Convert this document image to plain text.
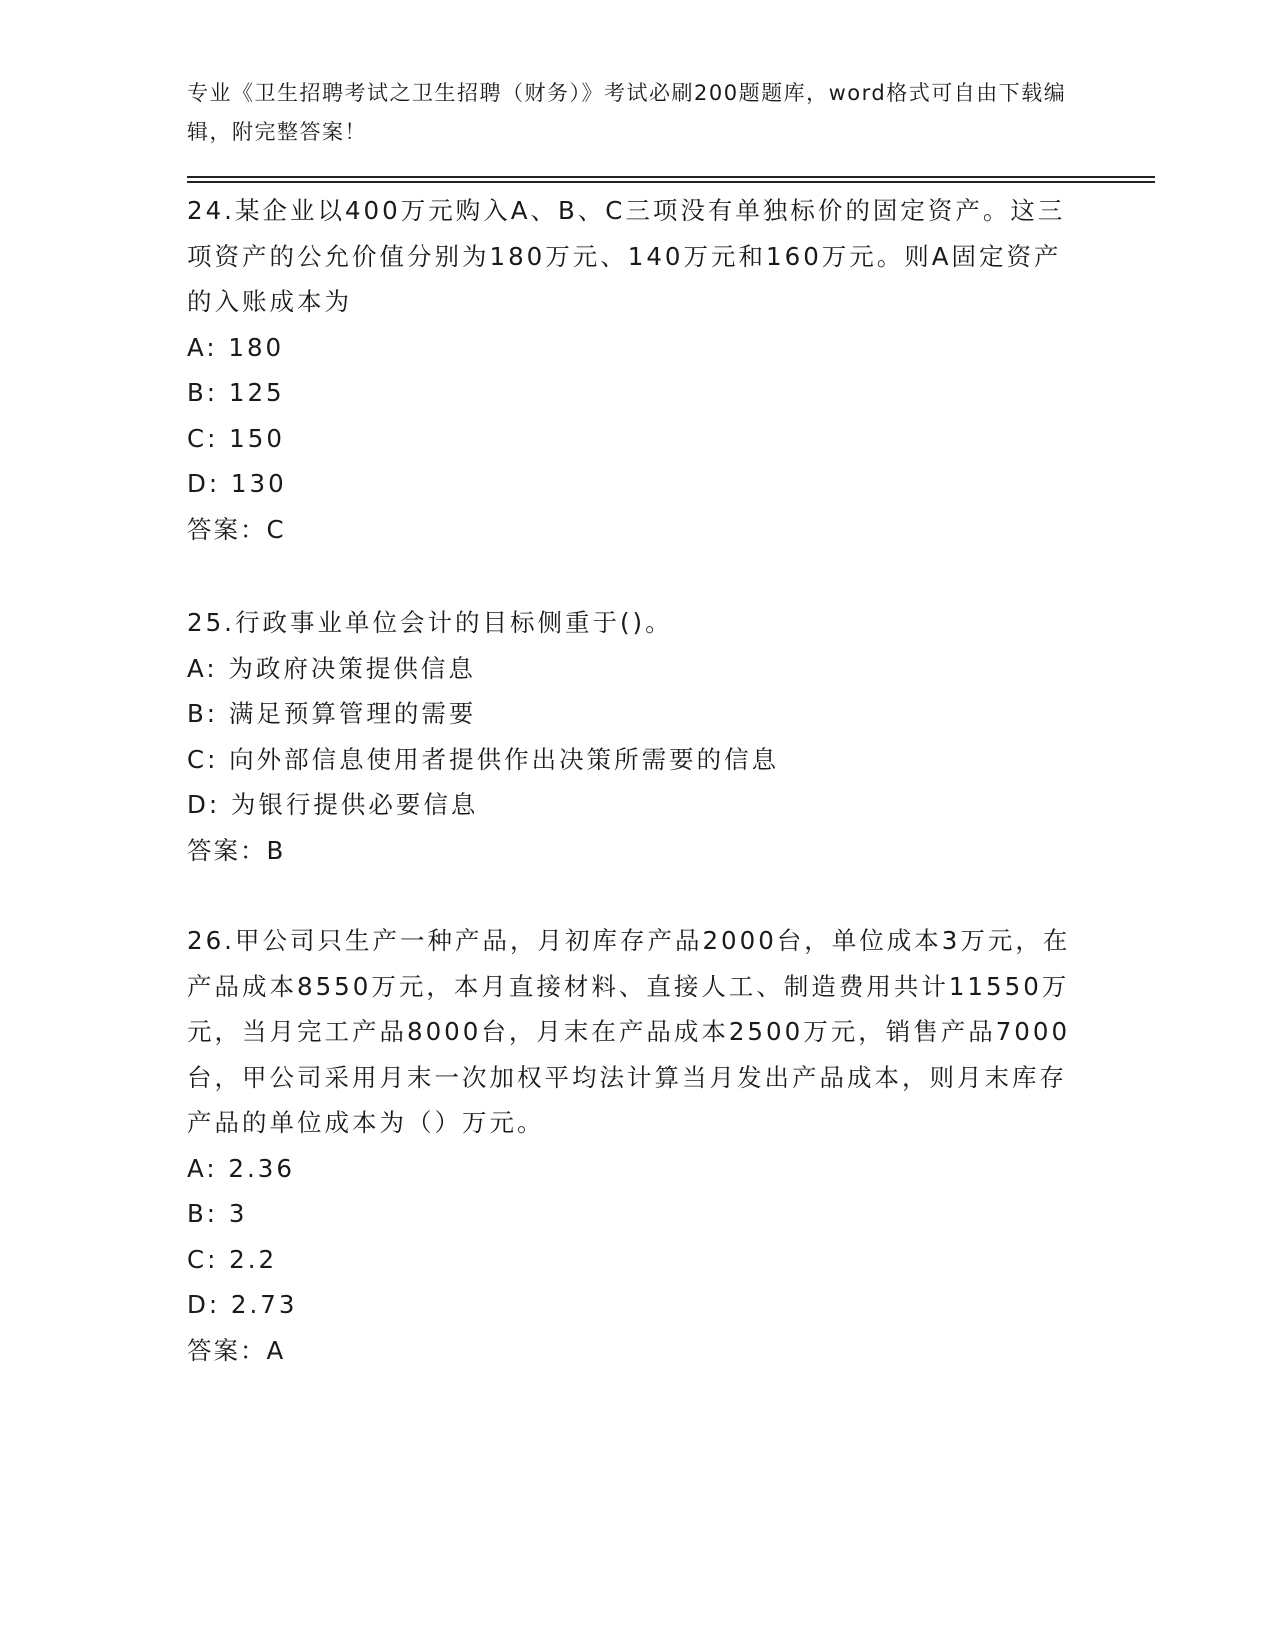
专业《卫生招聘考试之卫生招聘（财务）》考试必刷200题题库，word格式可自由下载编辑，附完整答案！
24.某企业以400万元购入A、B、C三项没有单独标价的固定资产。这三项资产的公允价值分别为180万元、140万元和160万元。则A固定资产的入账成本为
A: 180
B: 125
C: 150
D: 130
答案：C
25.行政事业单位会计的目标侧重于()。
A: 为政府决策提供信息
B: 满足预算管理的需要
C: 向外部信息使用者提供作出决策所需要的信息
D: 为银行提供必要信息
答案：B
26.甲公司只生产一种产品，月初库存产品2000台，单位成本3万元，在产品成本8550万元，本月直接材料、直接人工、制造费用共计11550万元，当月完工产品8000台，月末在产品成本2500万元，销售产品7000台，甲公司采用月末一次加权平均法计算当月发出产品成本，则月末库存产品的单位成本为（）万元。
A: 2.36
B: 3
C: 2.2
D: 2.73
答案：A
